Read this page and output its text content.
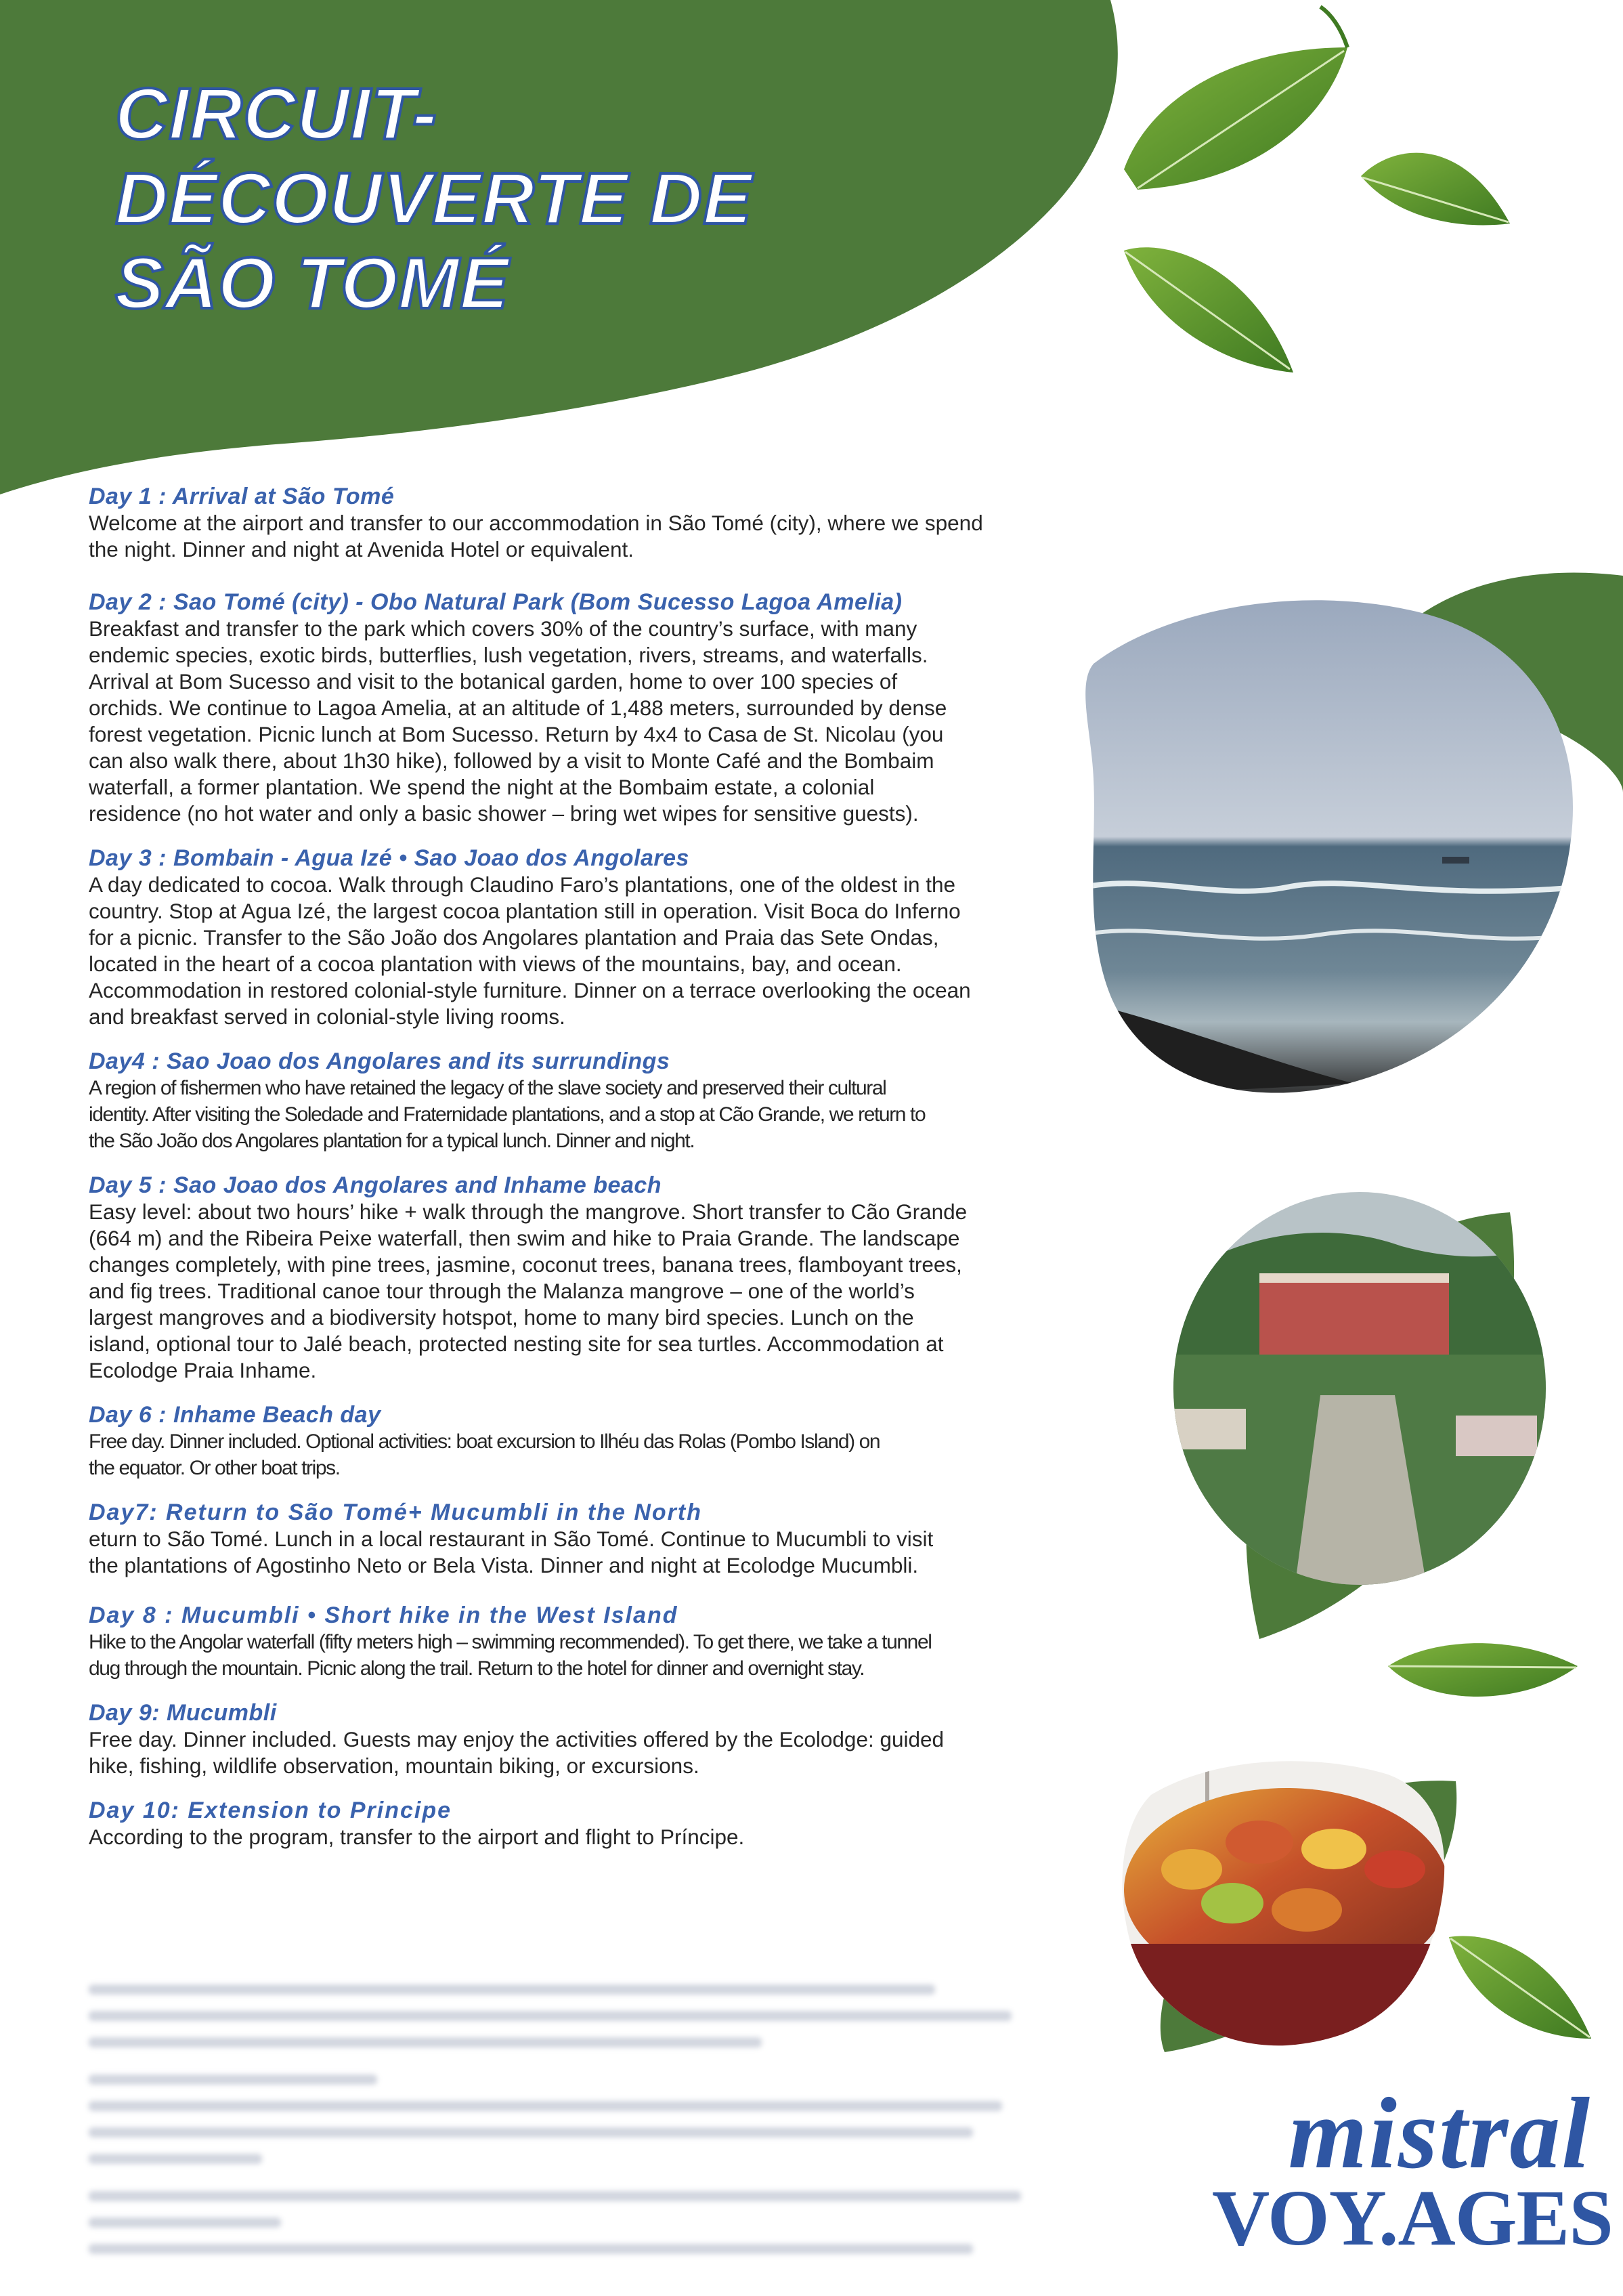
CIRCUIT-
DÉCOUVERTE DE
SÃO TOMÉ
Day 1 : Arrival at São Tomé
Welcome at the airport and transfer to our accommodation in São Tomé (city), where we spend
the night. Dinner and night at Avenida Hotel or equivalent.
Day 2 : Sao Tomé (city) - Obo Natural Park (Bom Sucesso Lagoa Amelia)
Breakfast and transfer to the park which covers 30% of the country’s surface, with many
endemic species, exotic birds, butterflies, lush vegetation, rivers, streams, and waterfalls.
Arrival at Bom Sucesso and visit to the botanical garden, home to over 100 species of
orchids. We continue to Lagoa Amelia, at an altitude of 1,488 meters, surrounded by dense
forest vegetation. Picnic lunch at Bom Sucesso. Return by 4x4 to Casa de St. Nicolau (you
can also walk there, about 1h30 hike), followed by a visit to Monte Café and the Bombaim
waterfall, a former plantation. We spend the night at the Bombaim estate, a colonial
residence (no hot water and only a basic shower – bring wet wipes for sensitive guests).
Day 3 : Bombain - Agua Izé • Sao Joao dos Angolares
A day dedicated to cocoa. Walk through Claudino Faro’s plantations, one of the oldest in the
country. Stop at Agua Izé, the largest cocoa plantation still in operation. Visit Boca do Inferno
for a picnic. Transfer to the São João dos Angolares plantation and Praia das Sete Ondas,
located in the heart of a cocoa plantation with views of the mountains, bay, and ocean.
Accommodation in restored colonial-style furniture. Dinner on a terrace overlooking the ocean
and breakfast served in colonial-style living rooms.
Day4 : Sao Joao dos Angolares and its surrundings
A region of fishermen who have retained the legacy of the slave society and preserved their cultural
identity. After visiting the Soledade and Fraternidade plantations, and a stop at Cão Grande, we return to
the São João dos Angolares plantation for a typical lunch. Dinner and night.
Day 5 : Sao Joao dos Angolares and Inhame beach
Easy level: about two hours’ hike + walk through the mangrove. Short transfer to Cão Grande
(664 m) and the Ribeira Peixe waterfall, then swim and hike to Praia Grande. The landscape
changes completely, with pine trees, jasmine, coconut trees, banana trees, flamboyant trees,
and fig trees. Traditional canoe tour through the Malanza mangrove – one of the world’s
largest mangroves and a biodiversity hotspot, home to many bird species. Lunch on the
island, optional tour to Jalé beach, protected nesting site for sea turtles. Accommodation at
Ecolodge Praia Inhame.
Day 6 : Inhame Beach day
Free day. Dinner included. Optional activities: boat excursion to Ilhéu das Rolas (Pombo Island) on
the equator. Or other boat trips.
Day7: Return to São Tomé+ Mucumbli in the North
eturn to São Tomé. Lunch in a local restaurant in São Tomé. Continue to Mucumbli to visit
the plantations of Agostinho Neto or Bela Vista. Dinner and night at Ecolodge Mucumbli.
Day 8 : Mucumbli • Short hike in the West Island
Hike to the Angolar waterfall (fifty meters high – swimming recommended). To get there, we take a tunnel
dug through the mountain. Picnic along the trail. Return to the hotel for dinner and overnight stay.
Day 9: Mucumbli
Free day. Dinner included. Guests may enjoy the activities offered by the Ecolodge: guided
hike, fishing, wildlife observation, mountain biking, or excursions.
Day 10: Extension to Principe
According to the program, transfer to the airport and flight to Príncipe.
mistral
VOY.AGES
